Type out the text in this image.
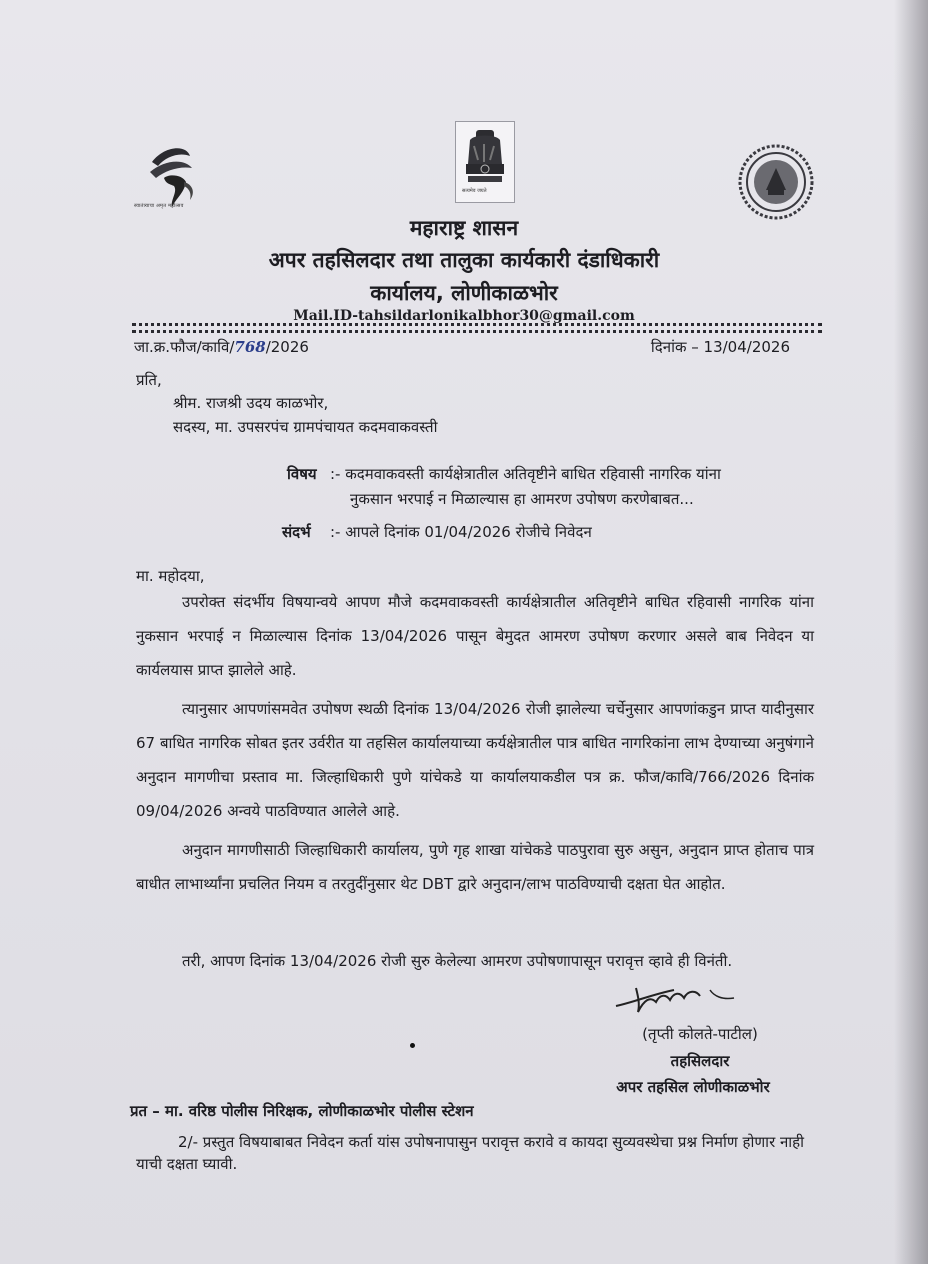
स्वातंत्र्याचा अमृत महोत्सव
सत्यमेव जयते
महाराष्ट्र शासन
अपर तहसिलदार तथा तालुका कार्यकारी दंडाधिकारी
कार्यालय, लोणीकाळभोर
Mail.ID-tahsildarlonikalbhor30@gmail.com
जा.क्र.फौज/कावि/768/2026	दिनांक – 13/04/2026
प्रति,
श्रीम. राजश्री उदय काळभोर,
सदस्य, मा. उपसरपंच ग्रामपंचायत कदमवाकवस्ती
विषय :- कदमवाकवस्ती कार्यक्षेत्रातील अतिवृष्टीने बाधित रहिवासी नागरिक यांना
नुकसान भरपाई न मिळाल्यास हा आमरण उपोषण करणेबाबत...
संदर्भ :- आपले दिनांक 01/04/2026 रोजीचे निवेदन
मा. महोदया,
उपरोक्त संदर्भीय विषयान्वये आपण मौजे कदमवाकवस्ती कार्यक्षेत्रातील अतिवृष्टीने बाधित रहिवासी नागरिक यांना नुकसान भरपाई न मिळाल्यास दिनांक 13/04/2026 पासून बेमुदत आमरण उपोषण करणार असले बाब निवेदन या कार्यलयास प्राप्त झालेले आहे.
त्यानुसार आपणांसमवेत उपोषण स्थळी दिनांक 13/04/2026 रोजी झालेल्या चर्चेनुसार आपणांकडुन प्राप्त यादीनुसार 67 बाधित नागरिक सोबत इतर उर्वरीत या तहसिल कार्यालयाच्या कर्यक्षेत्रातील पात्र बाधित नागरिकांना लाभ देण्याच्या अनुषंगाने अनुदान मागणीचा प्रस्ताव मा. जिल्हाधिकारी पुणे यांचेकडे या कार्यालयाकडील पत्र क्र. फौज/कावि/766/2026 दिनांक 09/04/2026 अन्वये पाठविण्यात आलेले आहे.
अनुदान मागणीसाठी जिल्हाधिकारी कार्यालय, पुणे गृह शाखा यांचेकडे पाठपुरावा सुरु असुन, अनुदान प्राप्त होताच पात्र बाधीत लाभार्थ्यांना प्रचलित नियम व तरतुदींनुसार थेट DBT द्वारे अनुदान/लाभ पाठविण्याची दक्षता घेत आहोत.
तरी, आपण दिनांक 13/04/2026 रोजी सुरु केलेल्या आमरण उपोषणापासून परावृत्त व्हावे ही विनंती.
(तृप्ती कोलते-पाटील)
तहसिलदार
अपर तहसिल लोणीकाळभोर
प्रत – मा. वरिष्ठ पोलीस निरिक्षक, लोणीकाळभोर पोलीस स्टेशन
2/- प्रस्तुत विषयाबाबत निवेदन कर्ता यांस उपोषनापासुन परावृत्त करावे व कायदा सुव्यवस्थेचा प्रश्न निर्माण होणार नाही याची दक्षता घ्यावी.
